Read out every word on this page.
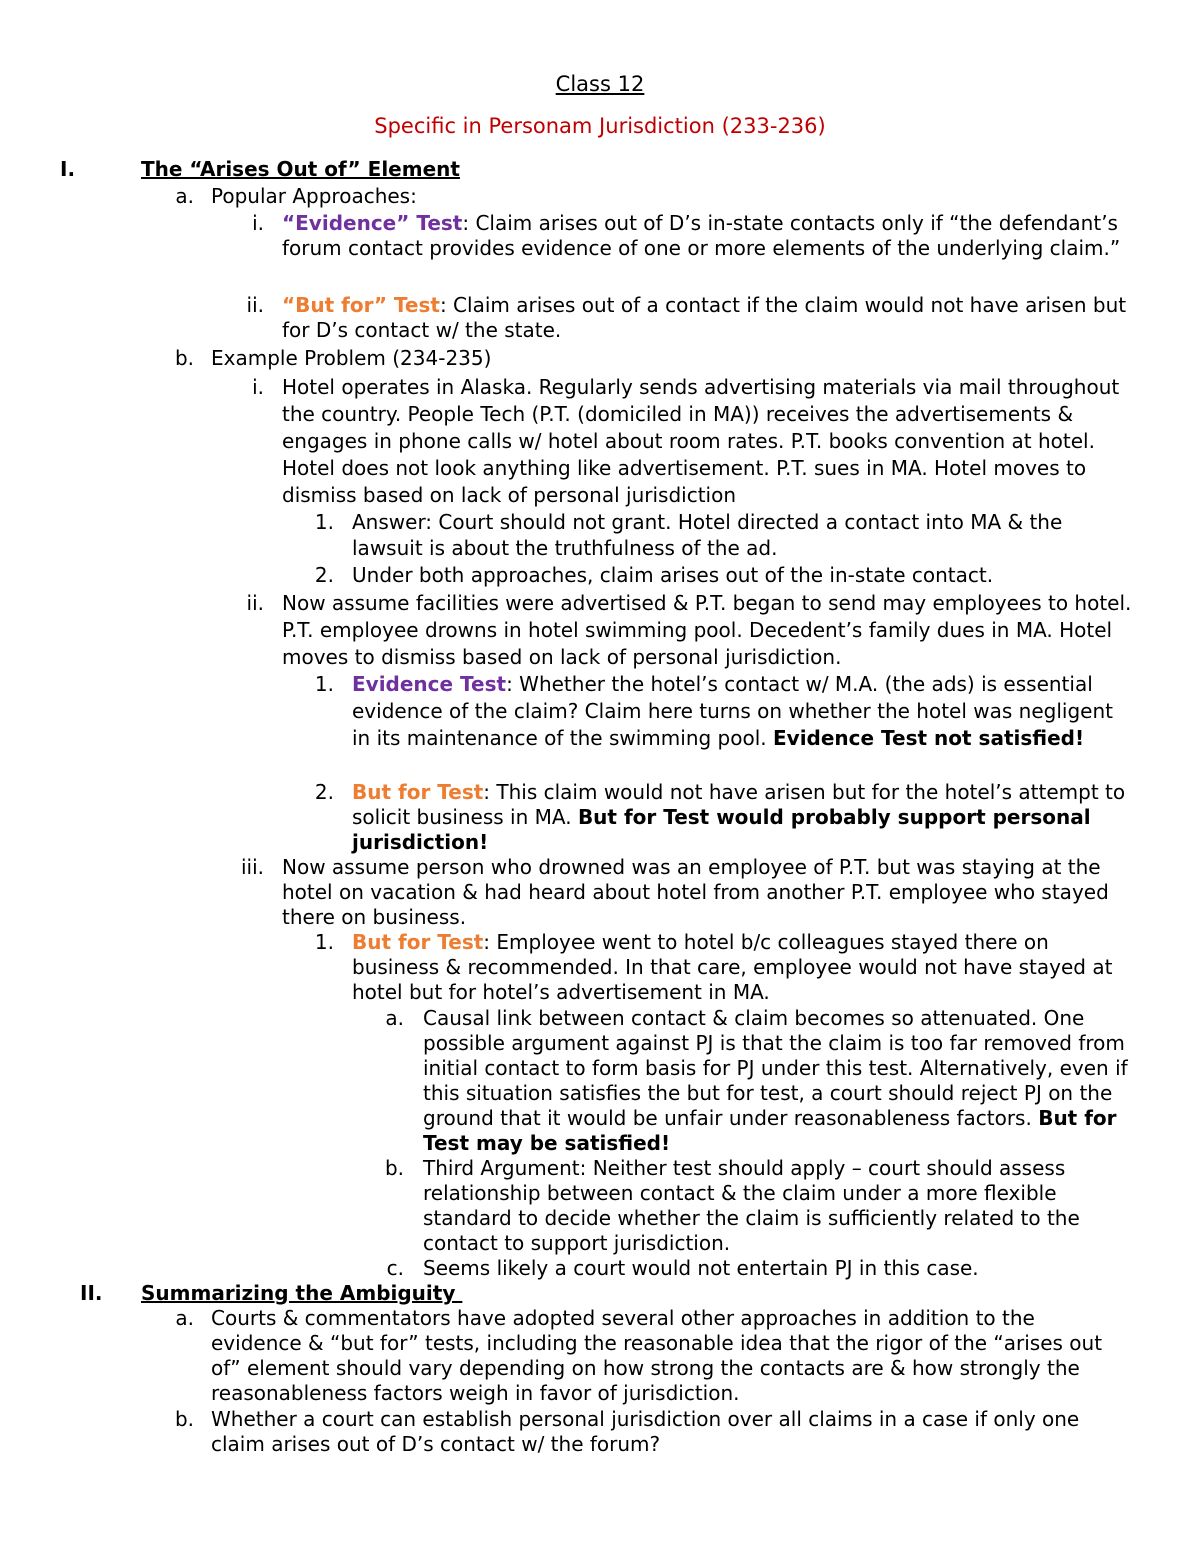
Class 12
Specific in Personam Jurisdiction (233-236)
I.	The “Arises Out of” Element
a. Popular Approaches:
i. “Evidence” Test: Claim arises out of D’s in-state contacts only if “the defendant’s forum contact provides evidence of one or more elements of the underlying claim.”
ii. “But for” Test: Claim arises out of a contact if the claim would not have arisen but for D’s contact w/ the state.
b. Example Problem (234-235)
i. Hotel operates in Alaska. Regularly sends advertising materials via mail throughout the country. People Tech (P.T. (domiciled in MA)) receives the advertisements & engages in phone calls w/ hotel about room rates. P.T. books convention at hotel. Hotel does not look anything like advertisement. P.T. sues in MA. Hotel moves to dismiss based on lack of personal jurisdiction
1. Answer: Court should not grant. Hotel directed a contact into MA & the lawsuit is about the truthfulness of the ad.
2. Under both approaches, claim arises out of the in-state contact.
ii. Now assume facilities were advertised & P.T. began to send may employees to hotel. P.T. employee drowns in hotel swimming pool. Decedent’s family dues in MA. Hotel moves to dismiss based on lack of personal jurisdiction.
1. Evidence Test: Whether the hotel’s contact w/ M.A. (the ads) is essential evidence of the claim? Claim here turns on whether the hotel was negligent in its maintenance of the swimming pool. Evidence Test not satisfied!
2. But for Test: This claim would not have arisen but for the hotel’s attempt to solicit business in MA. But for Test would probably support personal jurisdiction!
iii. Now assume person who drowned was an employee of P.T. but was staying at the hotel on vacation & had heard about hotel from another P.T. employee who stayed there on business.
1. But for Test: Employee went to hotel b/c colleagues stayed there on business & recommended. In that care, employee would not have stayed at hotel but for hotel’s advertisement in MA.
a. Causal link between contact & claim becomes so attenuated. One possible argument against PJ is that the claim is too far removed from initial contact to form basis for PJ under this test. Alternatively, even if this situation satisfies the but for test, a court should reject PJ on the ground that it would be unfair under reasonableness factors. But for Test may be satisfied!
b. Third Argument: Neither test should apply – court should assess relationship between contact & the claim under a more flexible standard to decide whether the claim is sufficiently related to the contact to support jurisdiction.
c. Seems likely a court would not entertain PJ in this case.
II.	Summarizing the Ambiguity
a. Courts & commentators have adopted several other approaches in addition to the evidence & “but for” tests, including the reasonable idea that the rigor of the “arises out of” element should vary depending on how strong the contacts are & how strongly the reasonableness factors weigh in favor of jurisdiction.
b. Whether a court can establish personal jurisdiction over all claims in a case if only one claim arises out of D’s contact w/ the forum?
